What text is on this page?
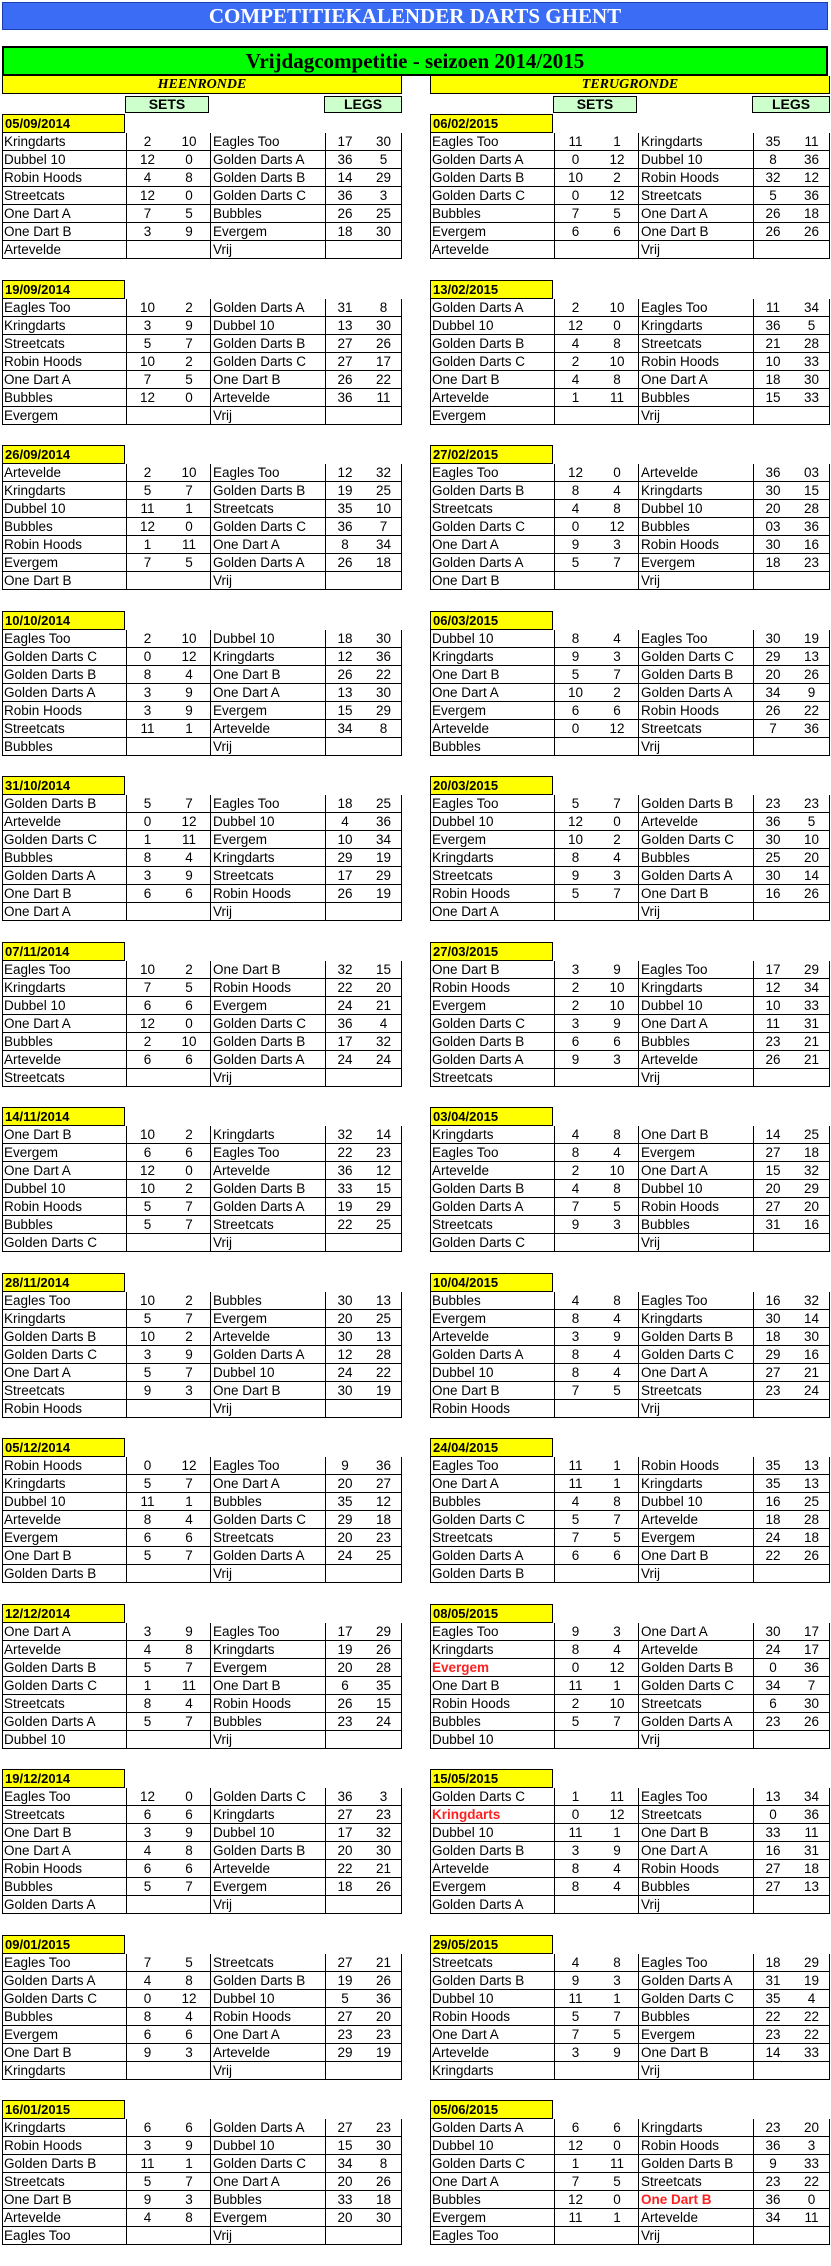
COMPETITIEKALENDER DARTS GHENT
Vrijdagcompetitie - seizoen 2014/2015
HEENRONDE
SETS	LEGS
05/09/2014
Kringdarts	2	10	Eagles Too	17	30
Dubbel 10	12	0	Golden Darts A	36	5
Robin Hoods	4	8	Golden Darts B	14	29
Streetcats	12	0	Golden Darts C	36	3
One Dart A	7	5	Bubbles	26	25
One Dart B	3	9	Evergem	18	30
Artevelde	Vrij
19/09/2014
Eagles Too	10	2	Golden Darts A	31	8
Kringdarts	3	9	Dubbel 10	13	30
Streetcats	5	7	Golden Darts B	27	26
Robin Hoods	10	2	Golden Darts C	27	17
One Dart A	7	5	One Dart B	26	22
Bubbles	12	0	Artevelde	36	11
Evergem	Vrij
26/09/2014
Artevelde	2	10	Eagles Too	12	32
Kringdarts	5	7	Golden Darts B	19	25
Dubbel 10	11	1	Streetcats	35	10
Bubbles	12	0	Golden Darts C	36	7
Robin Hoods	1	11	One Dart A	8	34
Evergem	7	5	Golden Darts A	26	18
One Dart B	Vrij
10/10/2014
Eagles Too	2	10	Dubbel 10	18	30
Golden Darts C	0	12	Kringdarts	12	36
Golden Darts B	8	4	One Dart B	26	22
Golden Darts A	3	9	One Dart A	13	30
Robin Hoods	3	9	Evergem	15	29
Streetcats	11	1	Artevelde	34	8
Bubbles	Vrij
31/10/2014
Golden Darts B	5	7	Eagles Too	18	25
Artevelde	0	12	Dubbel 10	4	36
Golden Darts C	1	11	Evergem	10	34
Bubbles	8	4	Kringdarts	29	19
Golden Darts A	3	9	Streetcats	17	29
One Dart B	6	6	Robin Hoods	26	19
One Dart A	Vrij
07/11/2014
Eagles Too	10	2	One Dart B	32	15
Kringdarts	7	5	Robin Hoods	22	20
Dubbel 10	6	6	Evergem	24	21
One Dart A	12	0	Golden Darts C	36	4
Bubbles	2	10	Golden Darts B	17	32
Artevelde	6	6	Golden Darts A	24	24
Streetcats	Vrij
14/11/2014
One Dart B	10	2	Kringdarts	32	14
Evergem	6	6	Eagles Too	22	23
One Dart A	12	0	Artevelde	36	12
Dubbel 10	10	2	Golden Darts B	33	15
Robin Hoods	5	7	Golden Darts A	19	29
Bubbles	5	7	Streetcats	22	25
Golden Darts C	Vrij
28/11/2014
Eagles Too	10	2	Bubbles	30	13
Kringdarts	5	7	Evergem	20	25
Golden Darts B	10	2	Artevelde	30	13
Golden Darts C	3	9	Golden Darts A	12	28
One Dart A	5	7	Dubbel 10	24	22
Streetcats	9	3	One Dart B	30	19
Robin Hoods	Vrij
05/12/2014
Robin Hoods	0	12	Eagles Too	9	36
Kringdarts	5	7	One Dart A	20	27
Dubbel 10	11	1	Bubbles	35	12
Artevelde	8	4	Golden Darts C	29	18
Evergem	6	6	Streetcats	20	23
One Dart B	5	7	Golden Darts A	24	25
Golden Darts B	Vrij
12/12/2014
One Dart A	3	9	Eagles Too	17	29
Artevelde	4	8	Kringdarts	19	26
Golden Darts B	5	7	Evergem	20	28
Golden Darts C	1	11	One Dart B	6	35
Streetcats	8	4	Robin Hoods	26	15
Golden Darts A	5	7	Bubbles	23	24
Dubbel 10	Vrij
19/12/2014
Eagles Too	12	0	Golden Darts C	36	3
Streetcats	6	6	Kringdarts	27	23
One Dart B	3	9	Dubbel 10	17	32
One Dart A	4	8	Golden Darts B	20	30
Robin Hoods	6	6	Artevelde	22	21
Bubbles	5	7	Evergem	18	26
Golden Darts A	Vrij
09/01/2015
Eagles Too	7	5	Streetcats	27	21
Golden Darts A	4	8	Golden Darts B	19	26
Golden Darts C	0	12	Dubbel 10	5	36
Bubbles	8	4	Robin Hoods	27	20
Evergem	6	6	One Dart A	23	23
One Dart B	9	3	Artevelde	29	19
Kringdarts	Vrij
16/01/2015
Kringdarts	6	6	Golden Darts A	27	23
Robin Hoods	3	9	Dubbel 10	15	30
Golden Darts B	11	1	Golden Darts C	34	8
Streetcats	5	7	One Dart A	20	26
One Dart B	9	3	Bubbles	33	18
Artevelde	4	8	Evergem	20	30
Eagles Too	Vrij
TERUGRONDE
SETS	LEGS
06/02/2015
Eagles Too	11	1	Kringdarts	35	11
Golden Darts A	0	12	Dubbel 10	8	36
Golden Darts B	10	2	Robin Hoods	32	12
Golden Darts C	0	12	Streetcats	5	36
Bubbles	7	5	One Dart A	26	18
Evergem	6	6	One Dart B	26	26
Artevelde	Vrij
13/02/2015
Golden Darts A	2	10	Eagles Too	11	34
Dubbel 10	12	0	Kringdarts	36	5
Golden Darts B	4	8	Streetcats	21	28
Golden Darts C	2	10	Robin Hoods	10	33
One Dart B	4	8	One Dart A	18	30
Artevelde	1	11	Bubbles	15	33
Evergem	Vrij
27/02/2015
Eagles Too	12	0	Artevelde	36	03
Golden Darts B	8	4	Kringdarts	30	15
Streetcats	4	8	Dubbel 10	20	28
Golden Darts C	0	12	Bubbles	03	36
One Dart A	9	3	Robin Hoods	30	16
Golden Darts A	5	7	Evergem	18	23
One Dart B	Vrij
06/03/2015
Dubbel 10	8	4	Eagles Too	30	19
Kringdarts	9	3	Golden Darts C	29	13
One Dart B	5	7	Golden Darts B	20	26
One Dart A	10	2	Golden Darts A	34	9
Evergem	6	6	Robin Hoods	26	22
Artevelde	0	12	Streetcats	7	36
Bubbles	Vrij
20/03/2015
Eagles Too	5	7	Golden Darts B	23	23
Dubbel 10	12	0	Artevelde	36	5
Evergem	10	2	Golden Darts C	30	10
Kringdarts	8	4	Bubbles	25	20
Streetcats	9	3	Golden Darts A	30	14
Robin Hoods	5	7	One Dart B	16	26
One Dart A	Vrij
27/03/2015
One Dart B	3	9	Eagles Too	17	29
Robin Hoods	2	10	Kringdarts	12	34
Evergem	2	10	Dubbel 10	10	33
Golden Darts C	3	9	One Dart A	11	31
Golden Darts B	6	6	Bubbles	23	21
Golden Darts A	9	3	Artevelde	26	21
Streetcats	Vrij
03/04/2015
Kringdarts	4	8	One Dart B	14	25
Eagles Too	8	4	Evergem	27	18
Artevelde	2	10	One Dart A	15	32
Golden Darts B	4	8	Dubbel 10	20	29
Golden Darts A	7	5	Robin Hoods	27	20
Streetcats	9	3	Bubbles	31	16
Golden Darts C	Vrij
10/04/2015
Bubbles	4	8	Eagles Too	16	32
Evergem	8	4	Kringdarts	30	14
Artevelde	3	9	Golden Darts B	18	30
Golden Darts A	8	4	Golden Darts C	29	16
Dubbel 10	8	4	One Dart A	27	21
One Dart B	7	5	Streetcats	23	24
Robin Hoods	Vrij
24/04/2015
Eagles Too	11	1	Robin Hoods	35	13
One Dart A	11	1	Kringdarts	35	13
Bubbles	4	8	Dubbel 10	16	25
Golden Darts C	5	7	Artevelde	18	28
Streetcats	7	5	Evergem	24	18
Golden Darts A	6	6	One Dart B	22	26
Golden Darts B	Vrij
08/05/2015
Eagles Too	9	3	One Dart A	30	17
Kringdarts	8	4	Artevelde	24	17
Evergem	0	12	Golden Darts B	0	36
One Dart B	11	1	Golden Darts C	34	7
Robin Hoods	2	10	Streetcats	6	30
Bubbles	5	7	Golden Darts A	23	26
Dubbel 10	Vrij
15/05/2015
Golden Darts C	1	11	Eagles Too	13	34
Kringdarts	0	12	Streetcats	0	36
Dubbel 10	11	1	One Dart B	33	11
Golden Darts B	3	9	One Dart A	16	31
Artevelde	8	4	Robin Hoods	27	18
Evergem	8	4	Bubbles	27	13
Golden Darts A	Vrij
29/05/2015
Streetcats	4	8	Eagles Too	18	29
Golden Darts B	9	3	Golden Darts A	31	19
Dubbel 10	11	1	Golden Darts C	35	4
Robin Hoods	5	7	Bubbles	22	22
One Dart A	7	5	Evergem	23	22
Artevelde	3	9	One Dart B	14	33
Kringdarts	Vrij
05/06/2015
Golden Darts A	6	6	Kringdarts	23	20
Dubbel 10	12	0	Robin Hoods	36	3
Golden Darts C	1	11	Golden Darts B	9	33
One Dart A	7	5	Streetcats	23	22
Bubbles	12	0	One Dart B	36	0
Evergem	11	1	Artevelde	34	11
Eagles Too	Vrij
